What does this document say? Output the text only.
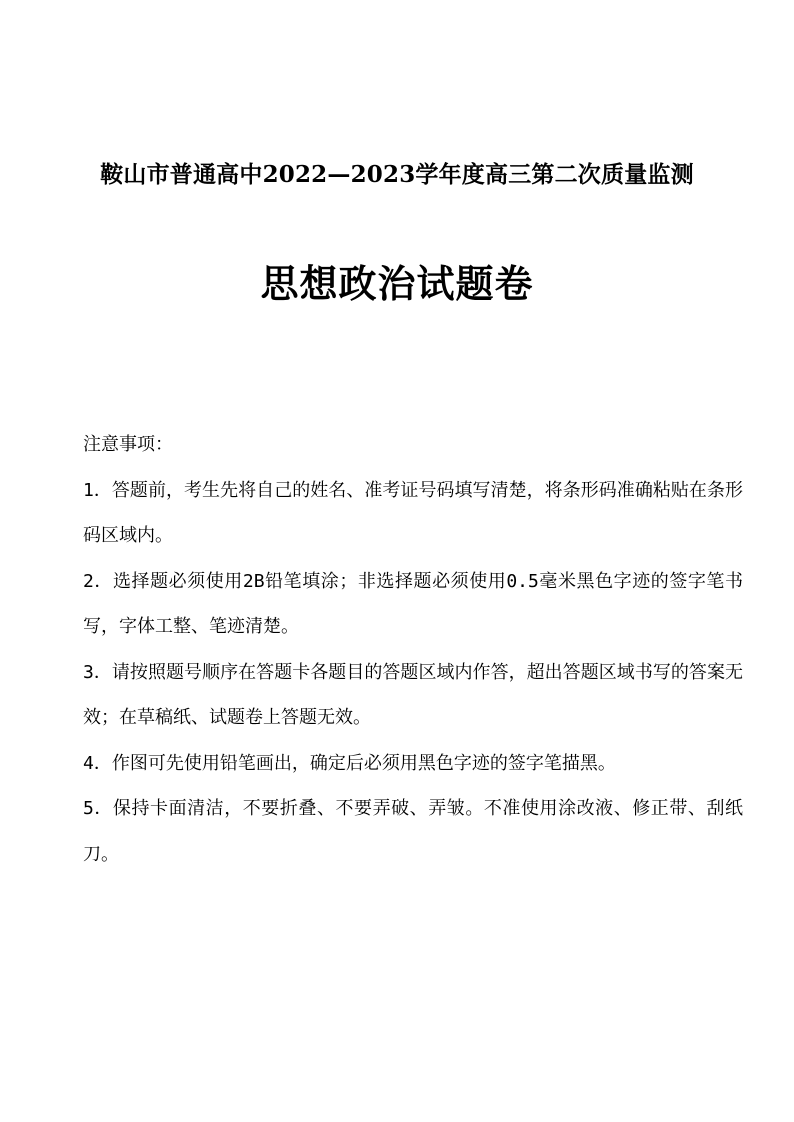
鞍山市普通高中2022—2023学年度高三第二次质量监测
思想政治试题卷
注意事项：
1．答题前，考生先将自己的姓名、准考证号码填写清楚，将条形码准确粘贴在条形码区域内。
2．选择题必须使用2B铅笔填涂；非选择题必须使用0.5毫米黑色字迹的签字笔书写，字体工整、笔迹清楚。
3．请按照题号顺序在答题卡各题目的答题区域内作答，超出答题区域书写的答案无效；在草稿纸、试题卷上答题无效。
4．作图可先使用铅笔画出，确定后必须用黑色字迹的签字笔描黑。
5．保持卡面清洁，不要折叠、不要弄破、弄皱。不准使用涂改液、修正带、刮纸刀。
